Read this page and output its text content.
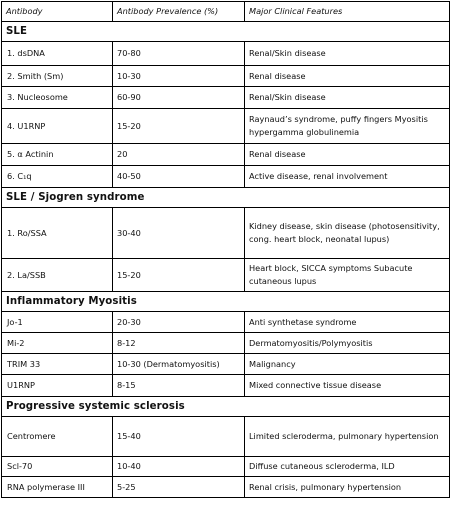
Antibody	Antibody Prevalence (%)	Major Clinical Features
SLE		
1. dsDNA	70-80	Renal/Skin disease
2. Smith (Sm)	10-30	Renal disease
3. Nucleosome	60-90	Renal/Skin disease
4. U1RNP	15-20	Raynaud’s syndrome, puffy fingers Myositis hypergamma globulinemia
5. α Actinin	20	Renal disease
6. C₁q	40-50	Active disease, renal involvement
SLE / Sjogren syndrome		
1. Ro/SSA	30-40	Kidney disease, skin disease (photosensitivity, cong. heart block, neonatal lupus)
2. La/SSB	15-20	Heart block, SICCA symptoms Subacute cutaneous lupus
Inflammatory Myositis		
Jo-1	20-30	Anti synthetase syndrome
Mi-2	8-12	Dermatomyositis/Polymyositis
TRIM 33	10-30 (Dermatomyositis)	Malignancy
U1RNP	8-15	Mixed connective tissue disease
Progressive systemic sclerosis		
Centromere	15-40	Limited scleroderma, pulmonary hypertension
Scl-70	10-40	Diffuse cutaneous scleroderma, ILD
RNA polymerase III	5-25	Renal crisis, pulmonary hypertension
